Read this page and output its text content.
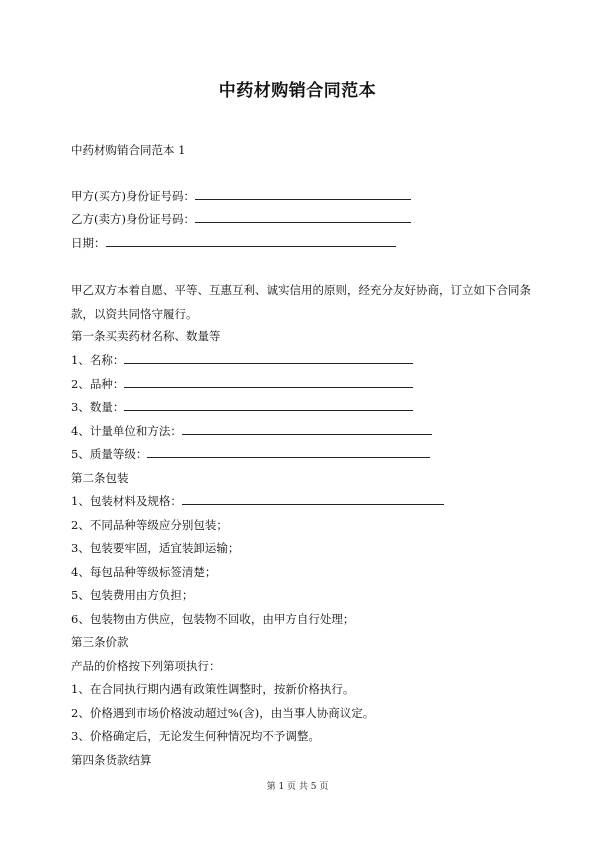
中药材购销合同范本
中药材购销合同范本 1
甲方(买方)身份证号码：
乙方(卖方)身份证号码：
日期：
甲乙双方本着自愿、平等、互惠互利、诚实信用的原则，经充分友好协商，订立如下合同条款，以资共同恪守履行。
第一条买卖药材名称、数量等
1、名称：
2、品种：
3、数量：
4、计量单位和方法：
5、质量等级：
第二条包装
1、包装材料及规格：
2、不同品种等级应分别包装；
3、包装要牢固，适宜装卸运输；
4、每包品种等级标签清楚；
5、包装费用由方负担；
6、包装物由方供应，包装物不回收，由甲方自行处理；
第三条价款
产品的价格按下列第项执行：
1、在合同执行期内遇有政策性调整时，按新价格执行。
2、价格遇到市场价格波动超过%(含)，由当事人协商议定。
3、价格确定后，无论发生何种情况均不予调整。
第四条货款结算
第 1 页 共 5 页
